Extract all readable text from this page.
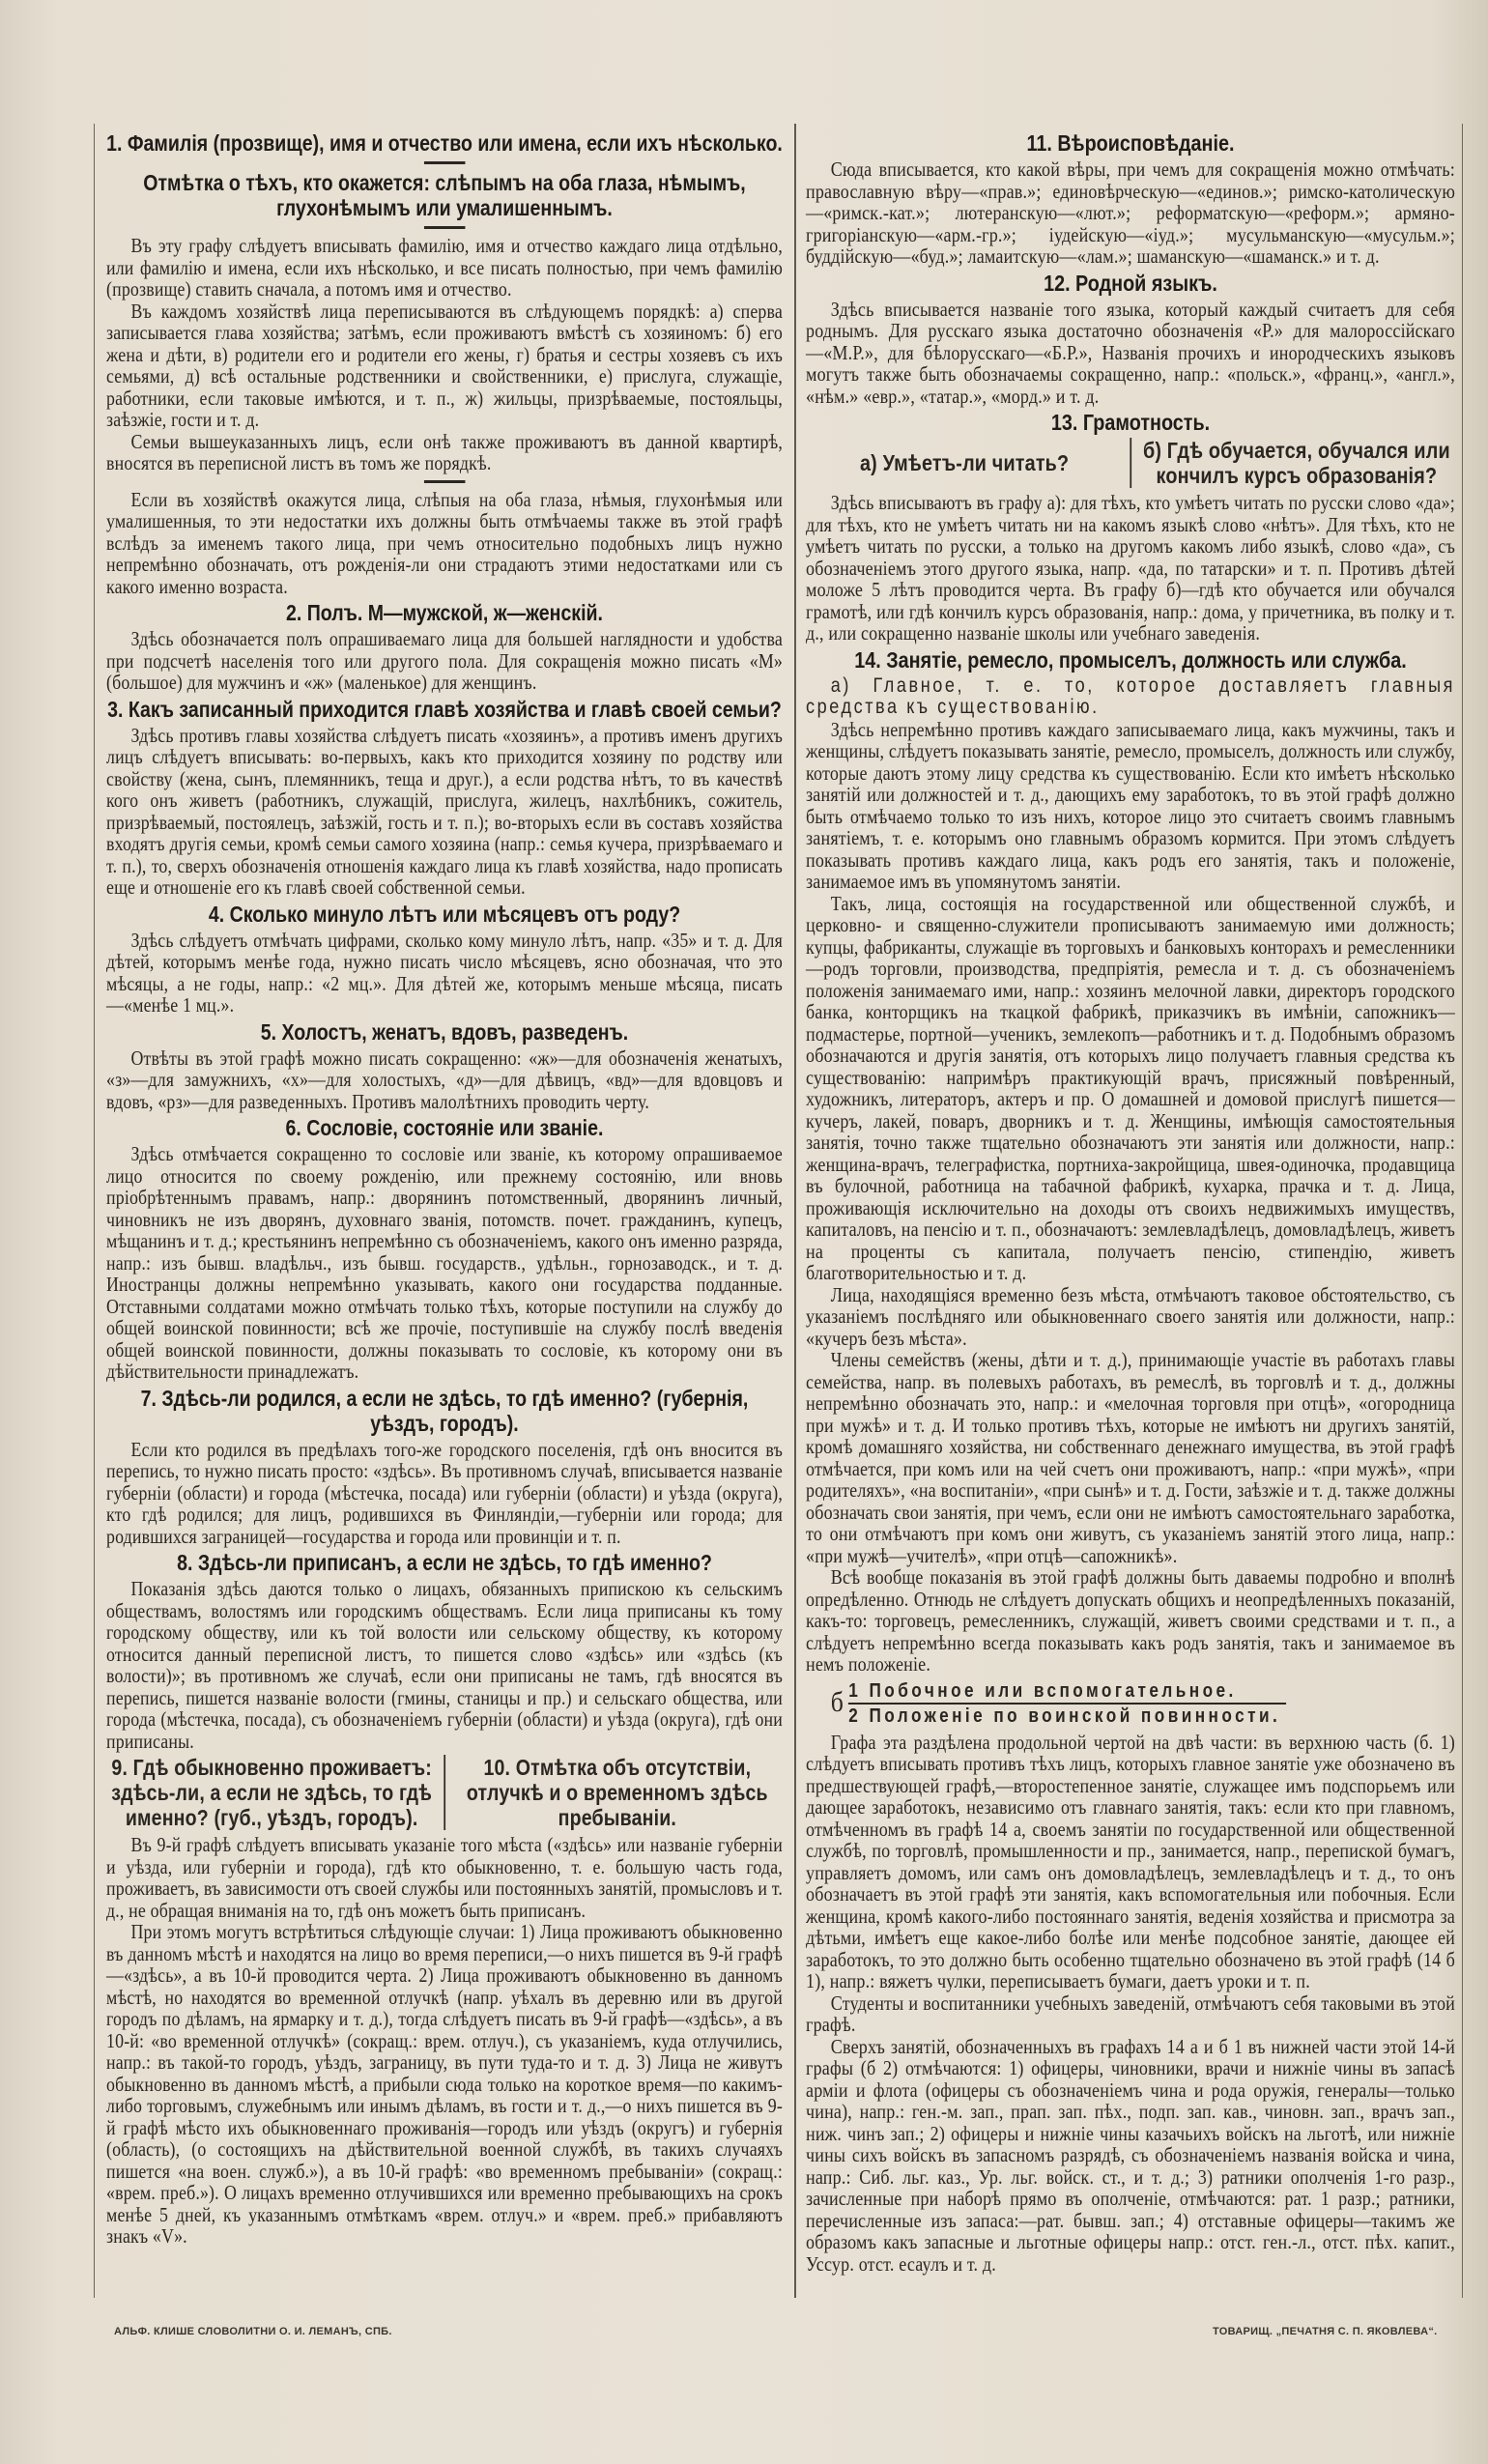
1. Фамилія (прозвище), имя и отчество или имена, если ихъ нѣсколько.
Отмѣтка о тѣхъ, кто окажется: слѣпымъ на оба глаза, нѣмымъ, глухонѣмымъ или умалишеннымъ.

Въ эту графу слѣдуетъ вписывать фамилію, имя и отчество каждаго лица отдѣльно, или фамилію и имена, если ихъ нѣсколько, и все писать полностью, при чемъ фамилію (прозвище) ставить сначала, а потомъ имя и отчество.

Въ каждомъ хозяйствѣ лица переписываются въ слѣдующемъ порядкѣ: а) сперва записывается глава хозяйства; затѣмъ, если проживаютъ вмѣстѣ съ хозяиномъ: б) его жена и дѣти, в) родители его и родители его жены, г) братья и сестры хозяевъ съ ихъ семьями, д) всѣ остальные родственники и свойственники, е) прислуга, служащіе, работники, если таковые имѣются, и т. п., ж) жильцы, призрѣваемые, постояльцы, заѣзжіе, гости и т. д.

Семьи вышеуказанныхъ лицъ, если онѣ также проживаютъ въ данной квартирѣ, вносятся въ переписной листъ въ томъ же порядкѣ.

Если въ хозяйствѣ окажутся лица, слѣпыя на оба глаза, нѣмыя, глухонѣмыя или умалишенныя, то эти недостатки ихъ должны быть отмѣчаемы также въ этой графѣ вслѣдъ за именемъ такого лица, при чемъ относительно подобныхъ лицъ нужно непремѣнно обозначать, отъ рожденія-ли они страдаютъ этими недостатками или съ какого именно возраста.

2. Полъ. М—мужской, ж—женскій.

Здѣсь обозначается полъ опрашиваемаго лица для большей наглядности и удобства при подсчетѣ населенія того или другого пола. Для сокращенія можно писать «М» (большое) для мужчинъ и «ж» (маленькое) для женщинъ.

3. Какъ записанный приходится главѣ хозяйства и главѣ своей семьи?

Здѣсь противъ главы хозяйства слѣдуетъ писать «хозяинъ», а противъ именъ другихъ лицъ слѣдуетъ вписывать: во-первыхъ, какъ кто приходится хозяину по родству или свойству (жена, сынъ, племянникъ, теща и друг.), а если родства нѣтъ, то въ качествѣ кого онъ живетъ (работникъ, служащій, прислуга, жилецъ, нахлѣбникъ, сожитель, призрѣваемый, постоялецъ, заѣзжій, гость и т. п.); во-вторыхъ если въ составъ хозяйства входятъ другія семьи, кромѣ семьи самого хозяина (напр.: семья кучера, призрѣваемаго и т. п.), то, сверхъ обозначенія отношенія каждаго лица къ главѣ хозяйства, надо прописать еще и отношеніе его къ главѣ своей собственной семьи.

4. Сколько минуло лѣтъ или мѣсяцевъ отъ роду?

Здѣсь слѣдуетъ отмѣчать цифрами, сколько кому минуло лѣтъ, напр. «35» и т. д. Для дѣтей, которымъ менѣе года, нужно писать число мѣсяцевъ, ясно обозначая, что это мѣсяцы, а не годы, напр.: «2 мц.». Для дѣтей же, которымъ меньше мѣсяца, писать—«менѣе 1 мц.».

5. Холостъ, женатъ, вдовъ, разведенъ.

Отвѣты въ этой графѣ можно писать сокращенно: «ж»—для обозначенія женатыхъ, «з»—для замужнихъ, «х»—для холостыхъ, «д»—для дѣвицъ, «вд»—для вдовцовъ и вдовъ, «рз»—для разведенныхъ. Противъ малолѣтнихъ проводить черту.

6. Сословіе, состояніе или званіе.

Здѣсь отмѣчается сокращенно то сословіе или званіе, къ которому опрашиваемое лицо относится по своему рожденію, или прежнему состоянію, или вновь пріобрѣтеннымъ правамъ, напр.: дворянинъ потомственный, дворянинъ личный, чиновникъ не изъ дворянъ, духовнаго званія, потомств. почет. гражданинъ, купецъ, мѣщанинъ и т. д.; крестьянинъ непремѣнно съ обозначеніемъ, какого онъ именно разряда, напр.: изъ бывш. владѣльч., изъ бывш. государств., удѣльн., горнозаводск., и т. д. Иностранцы должны непремѣнно указывать, какого они государства подданные. Отставными солдатами можно отмѣчать только тѣхъ, которые поступили на службу до общей воинской повинности; всѣ же прочіе, поступившіе на службу послѣ введенія общей воинской повинности, должны показывать то сословіе, къ которому они въ дѣйствительности принадлежатъ.

7. Здѣсь-ли родился, а если не здѣсь, то гдѣ именно? (губернія, уѣздъ, городъ).

Если кто родился въ предѣлахъ того-же городского поселенія, гдѣ онъ вносится въ перепись, то нужно писать просто: «здѣсь». Въ противномъ случаѣ, вписывается названіе губерніи (области) и города (мѣстечка, посада) или губерніи (области) и уѣзда (округа), кто гдѣ родился; для лицъ, родившихся въ Финляндіи,—губерніи или города; для родившихся заграницей—государства и города или провинціи и т. п.

8. Здѣсь-ли приписанъ, а если не здѣсь, то гдѣ именно?

Показанія здѣсь даются только о лицахъ, обязанныхъ припискою къ сельскимъ обществамъ, волостямъ или городскимъ обществамъ. Если лица приписаны къ тому городскому обществу, или къ той волости или сельскому обществу, къ которому относится данный переписной листъ, то пишется слово «здѣсь» или «здѣсь (къ волости)»; въ противномъ же случаѣ, если они приписаны не тамъ, гдѣ вносятся въ перепись, пишется названіе волости (гмины, станицы и пр.) и сельскаго общества, или города (мѣстечка, посада), съ обозначеніемъ губерніи (области) и уѣзда (округа), гдѣ они приписаны.

9. Гдѣ обыкновенно проживаетъ: здѣсь-ли, а если не здѣсь, то гдѣ именно? (губ., уѣздъ, городъ).
10. Отмѣтка объ отсутствіи, отлучкѣ и о временномъ здѣсь пребываніи.

Въ 9-й графѣ слѣдуетъ вписывать указаніе того мѣста («здѣсь» или названіе губерніи и уѣзда, или губерніи и города), гдѣ кто обыкновенно, т. е. большую часть года, проживаетъ, въ зависимости отъ своей службы или постоянныхъ занятій, промысловъ и т. д., не обращая вниманія на то, гдѣ онъ можетъ быть приписанъ.

При этомъ могутъ встрѣтиться слѣдующіе случаи: 1) Лица проживаютъ обыкновенно въ данномъ мѣстѣ и находятся на лицо во время переписи,—о нихъ пишется въ 9-й графѣ—«здѣсь», а въ 10-й проводится черта. 2) Лица проживаютъ обыкновенно въ данномъ мѣстѣ, но находятся во временной отлучкѣ (напр. уѣхалъ въ деревню или въ другой городъ по дѣламъ, на ярмарку и т. д.), тогда слѣдуетъ писать въ 9-й графѣ—«здѣсь», а въ 10-й: «во временной отлучкѣ» (сокращ.: врем. отлуч.), съ указаніемъ, куда отлучились, напр.: въ такой-то городъ, уѣздъ, заграницу, въ пути туда-то и т. д. 3) Лица не живутъ обыкновенно въ данномъ мѣстѣ, а прибыли сюда только на короткое время—по какимъ-либо торговымъ, служебнымъ или инымъ дѣламъ, въ гости и т. д.,—о нихъ пишется въ 9-й графѣ мѣсто ихъ обыкновеннаго проживанія—городъ или уѣздъ (округъ) и губернія (область), (о состоящихъ на дѣйствительной военной службѣ, въ такихъ случаяхъ пишется «на воен. служб.»), а въ 10-й графѣ: «во временномъ пребываніи» (сокращ.: «врем. преб.»). О лицахъ временно отлучившихся или временно пребывающихъ на срокъ менѣе 5 дней, къ указаннымъ отмѣткамъ «врем. отлуч.» и «врем. преб.» прибавляютъ знакъ «V».

11. Вѣроисповѣданіе.

Сюда вписывается, кто какой вѣры, при чемъ для сокращенія можно отмѣчать: православную вѣру—«прав.»; единовѣрческую—«единов.»; римско-католическую—«римск.-кат.»; лютеранскую—«лют.»; реформатскую—«реформ.»; армяно-григоріанскую—«арм.-гр.»; іудейскую—«іуд.»; мусульманскую—«мусульм.»; буддійскую—«буд.»; ламаитскую—«лам.»; шаманскую—«шаманск.» и т. д.

12. Родной языкъ.

Здѣсь вписывается названіе того языка, который каждый считаетъ для себя роднымъ. Для русскаго языка достаточно обозначенія «Р.» для малороссійскаго—«М.Р.», для бѣлорусскаго—«Б.Р.», Названія прочихъ и инородческихъ языковъ могутъ также быть обозначаемы сокращенно, напр.: «польск.», «франц.», «англ.», «нѣм.» «евр.», «татар.», «морд.» и т. д.

13. Грамотность.
а) Умѣетъ-ли читать?	б) Гдѣ обучается, обучался или кончилъ курсъ образованія?

Здѣсь вписываютъ въ графу а): для тѣхъ, кто умѣетъ читать по русски слово «да»; для тѣхъ, кто не умѣетъ читать ни на какомъ языкѣ слово «нѣтъ». Для тѣхъ, кто не умѣетъ читать по русски, а только на другомъ какомъ либо языкѣ, слово «да», съ обозначеніемъ этого другого языка, напр. «да, по татарски» и т. п. Противъ дѣтей моложе 5 лѣтъ проводится черта. Въ графу б)—гдѣ кто обучается или обучался грамотѣ, или гдѣ кончилъ курсъ образованія, напр.: дома, у причетника, въ полку и т. д., или сокращенно названіе школы или учебнаго заведенія.

14. Занятіе, ремесло, промыселъ, должность или служба.

а) Главное, т. е. то, которое доставляетъ главныя средства къ существованію.

Здѣсь непремѣнно противъ каждаго записываемаго лица, какъ мужчины, такъ и женщины, слѣдуетъ показывать занятіе, ремесло, промыселъ, должность или службу, которые даютъ этому лицу средства къ существованію. Если кто имѣетъ нѣсколько занятій или должностей и т. д., дающихъ ему заработокъ, то въ этой графѣ должно быть отмѣчаемо только то изъ нихъ, которое лицо это считаетъ своимъ главнымъ занятіемъ, т. е. которымъ оно главнымъ образомъ кормится. При этомъ слѣдуетъ показывать противъ каждаго лица, какъ родъ его занятія, такъ и положеніе, занимаемое имъ въ упомянутомъ занятіи.

Такъ, лица, состоящія на государственной или общественной службѣ, и церковно- и священно-служители прописываютъ занимаемую ими должность; купцы, фабриканты, служащіе въ торговыхъ и банковыхъ конторахъ и ремесленники—родъ торговли, производства, предпріятія, ремесла и т. д. съ обозначеніемъ положенія занимаемаго ими, напр.: хозяинъ мелочной лавки, директоръ городского банка, конторщикъ на ткацкой фабрикѣ, приказчикъ въ имѣніи, сапожникъ—подмастерье, портной—ученикъ, землекопъ—работникъ и т. д. Подобнымъ образомъ обозначаются и другія занятія, отъ которыхъ лицо получаетъ главныя средства къ существованію: напримѣръ практикующій врачъ, присяжный повѣренный, художникъ, литераторъ, актеръ и пр. О домашней и домовой прислугѣ пишется—кучеръ, лакей, поваръ, дворникъ и т. д. Женщины, имѣющія самостоятельныя занятія, точно также тщательно обозначаютъ эти занятія или должности, напр.: женщина-врачъ, телеграфистка, портниха-закройщица, швея-одиночка, продавщица въ булочной, работница на табачной фабрикѣ, кухарка, прачка и т. д. Лица, проживающія исключительно на доходы отъ своихъ недвижимыхъ имуществъ, капиталовъ, на пенсію и т. п., обозначаютъ: землевладѣлецъ, домовладѣлецъ, живетъ на проценты съ капитала, получаетъ пенсію, стипендію, живетъ благотворительностью и т. д.

Лица, находящіяся временно безъ мѣста, отмѣчаютъ таковое обстоятельство, съ указаніемъ послѣдняго или обыкновеннаго своего занятія или должности, напр.: «кучеръ безъ мѣста».

Члены семействъ (жены, дѣти и т. д.), принимающіе участіе въ работахъ главы семейства, напр. въ полевыхъ работахъ, въ ремеслѣ, въ торговлѣ и т. д., должны непремѣнно обозначать это, напр.: и «мелочная торговля при отцѣ», «огородница при мужѣ» и т. д. И только противъ тѣхъ, которые не имѣютъ ни другихъ занятій, кромѣ домашняго хозяйства, ни собственнаго денежнаго имущества, въ этой графѣ отмѣчается, при комъ или на чей счетъ они проживаютъ, напр.: «при мужѣ», «при родителяхъ», «на воспитаніи», «при сынѣ» и т. д. Гости, заѣзжіе и т. д. также должны обозначать свои занятія, при чемъ, если они не имѣютъ самостоятельнаго заработка, то они отмѣчаютъ при комъ они живутъ, съ указаніемъ занятій этого лица, напр.: «при мужѣ—учителѣ», «при отцѣ—сапожникѣ».

Всѣ вообще показанія въ этой графѣ должны быть даваемы подробно и вполнѣ опредѣленно. Отнюдь не слѣдуетъ допускать общихъ и неопредѣленныхъ показаній, какъ-то: торговецъ, ремесленникъ, служащій, живетъ своими средствами и т. п., а слѣдуетъ непремѣнно всегда показывать какъ родъ занятія, такъ и занимаемое въ немъ положеніе.

б 1 Побочное или вспомогательное.
2 Положеніе по воинской повинности.

Графа эта раздѣлена продольной чертой на двѣ части: въ верхнюю часть (б. 1) слѣдуетъ вписывать противъ тѣхъ лицъ, которыхъ главное занятіе уже обозначено въ предшествующей графѣ,—второстепенное занятіе, служащее имъ подспорьемъ или дающее заработокъ, независимо отъ главнаго занятія, такъ: если кто при главномъ, отмѣченномъ въ графѣ 14 а, своемъ занятіи по государственной или общественной службѣ, по торговлѣ, промышленности и пр., занимается, напр., перепиской бумагъ, управляетъ домомъ, или самъ онъ домовладѣлецъ, землевладѣлецъ и т. д., то онъ обозначаетъ въ этой графѣ эти занятія, какъ вспомогательныя или побочныя. Если женщина, кромѣ какого-либо постояннаго занятія, веденія хозяйства и присмотра за дѣтьми, имѣетъ еще какое-либо болѣе или менѣе подсобное занятіе, дающее ей заработокъ, то это должно быть особенно тщательно обозначено въ этой графѣ (14 б 1), напр.: вяжетъ чулки, переписываетъ бумаги, даетъ уроки и т. п.

Студенты и воспитанники учебныхъ заведеній, отмѣчаютъ себя таковыми въ этой графѣ.

Сверхъ занятій, обозначенныхъ въ графахъ 14 а и б 1 въ нижней части этой 14-й графы (б 2) отмѣчаются: 1) офицеры, чиновники, врачи и нижніе чины въ запасѣ арміи и флота (офицеры съ обозначеніемъ чина и рода оружія, генералы—только чина), напр.: ген.-м. зап., прап. зап. пѣх., подп. зап. кав., чиновн. зап., врачъ зап., ниж. чинъ зап.; 2) офицеры и нижніе чины казачьихъ войскъ на льготѣ, или нижніе чины сихъ войскъ въ запасномъ разрядѣ, съ обозначеніемъ названія войска и чина, напр.: Сиб. льг. каз., Ур. льг. войск. ст., и т. д.; 3) ратники ополченія 1-го разр., зачисленные при наборѣ прямо въ ополченіе, отмѣчаются: рат. 1 разр.; ратники, перечисленные изъ запаса:—рат. бывш. зап.; 4) отставные офицеры—такимъ же образомъ какъ запасные и льготные офицеры напр.: отст. ген.-л., отст. пѣх. капит., Уссур. отст. есаулъ и т. д.

АЛЬФ. КЛИШЕ СЛОВОЛИТНИ О. И. ЛЕМАНЪ, СПБ.	ТОВАРИЩ. „ПЕЧАТНЯ С. П. ЯКОВЛЕВА“.
